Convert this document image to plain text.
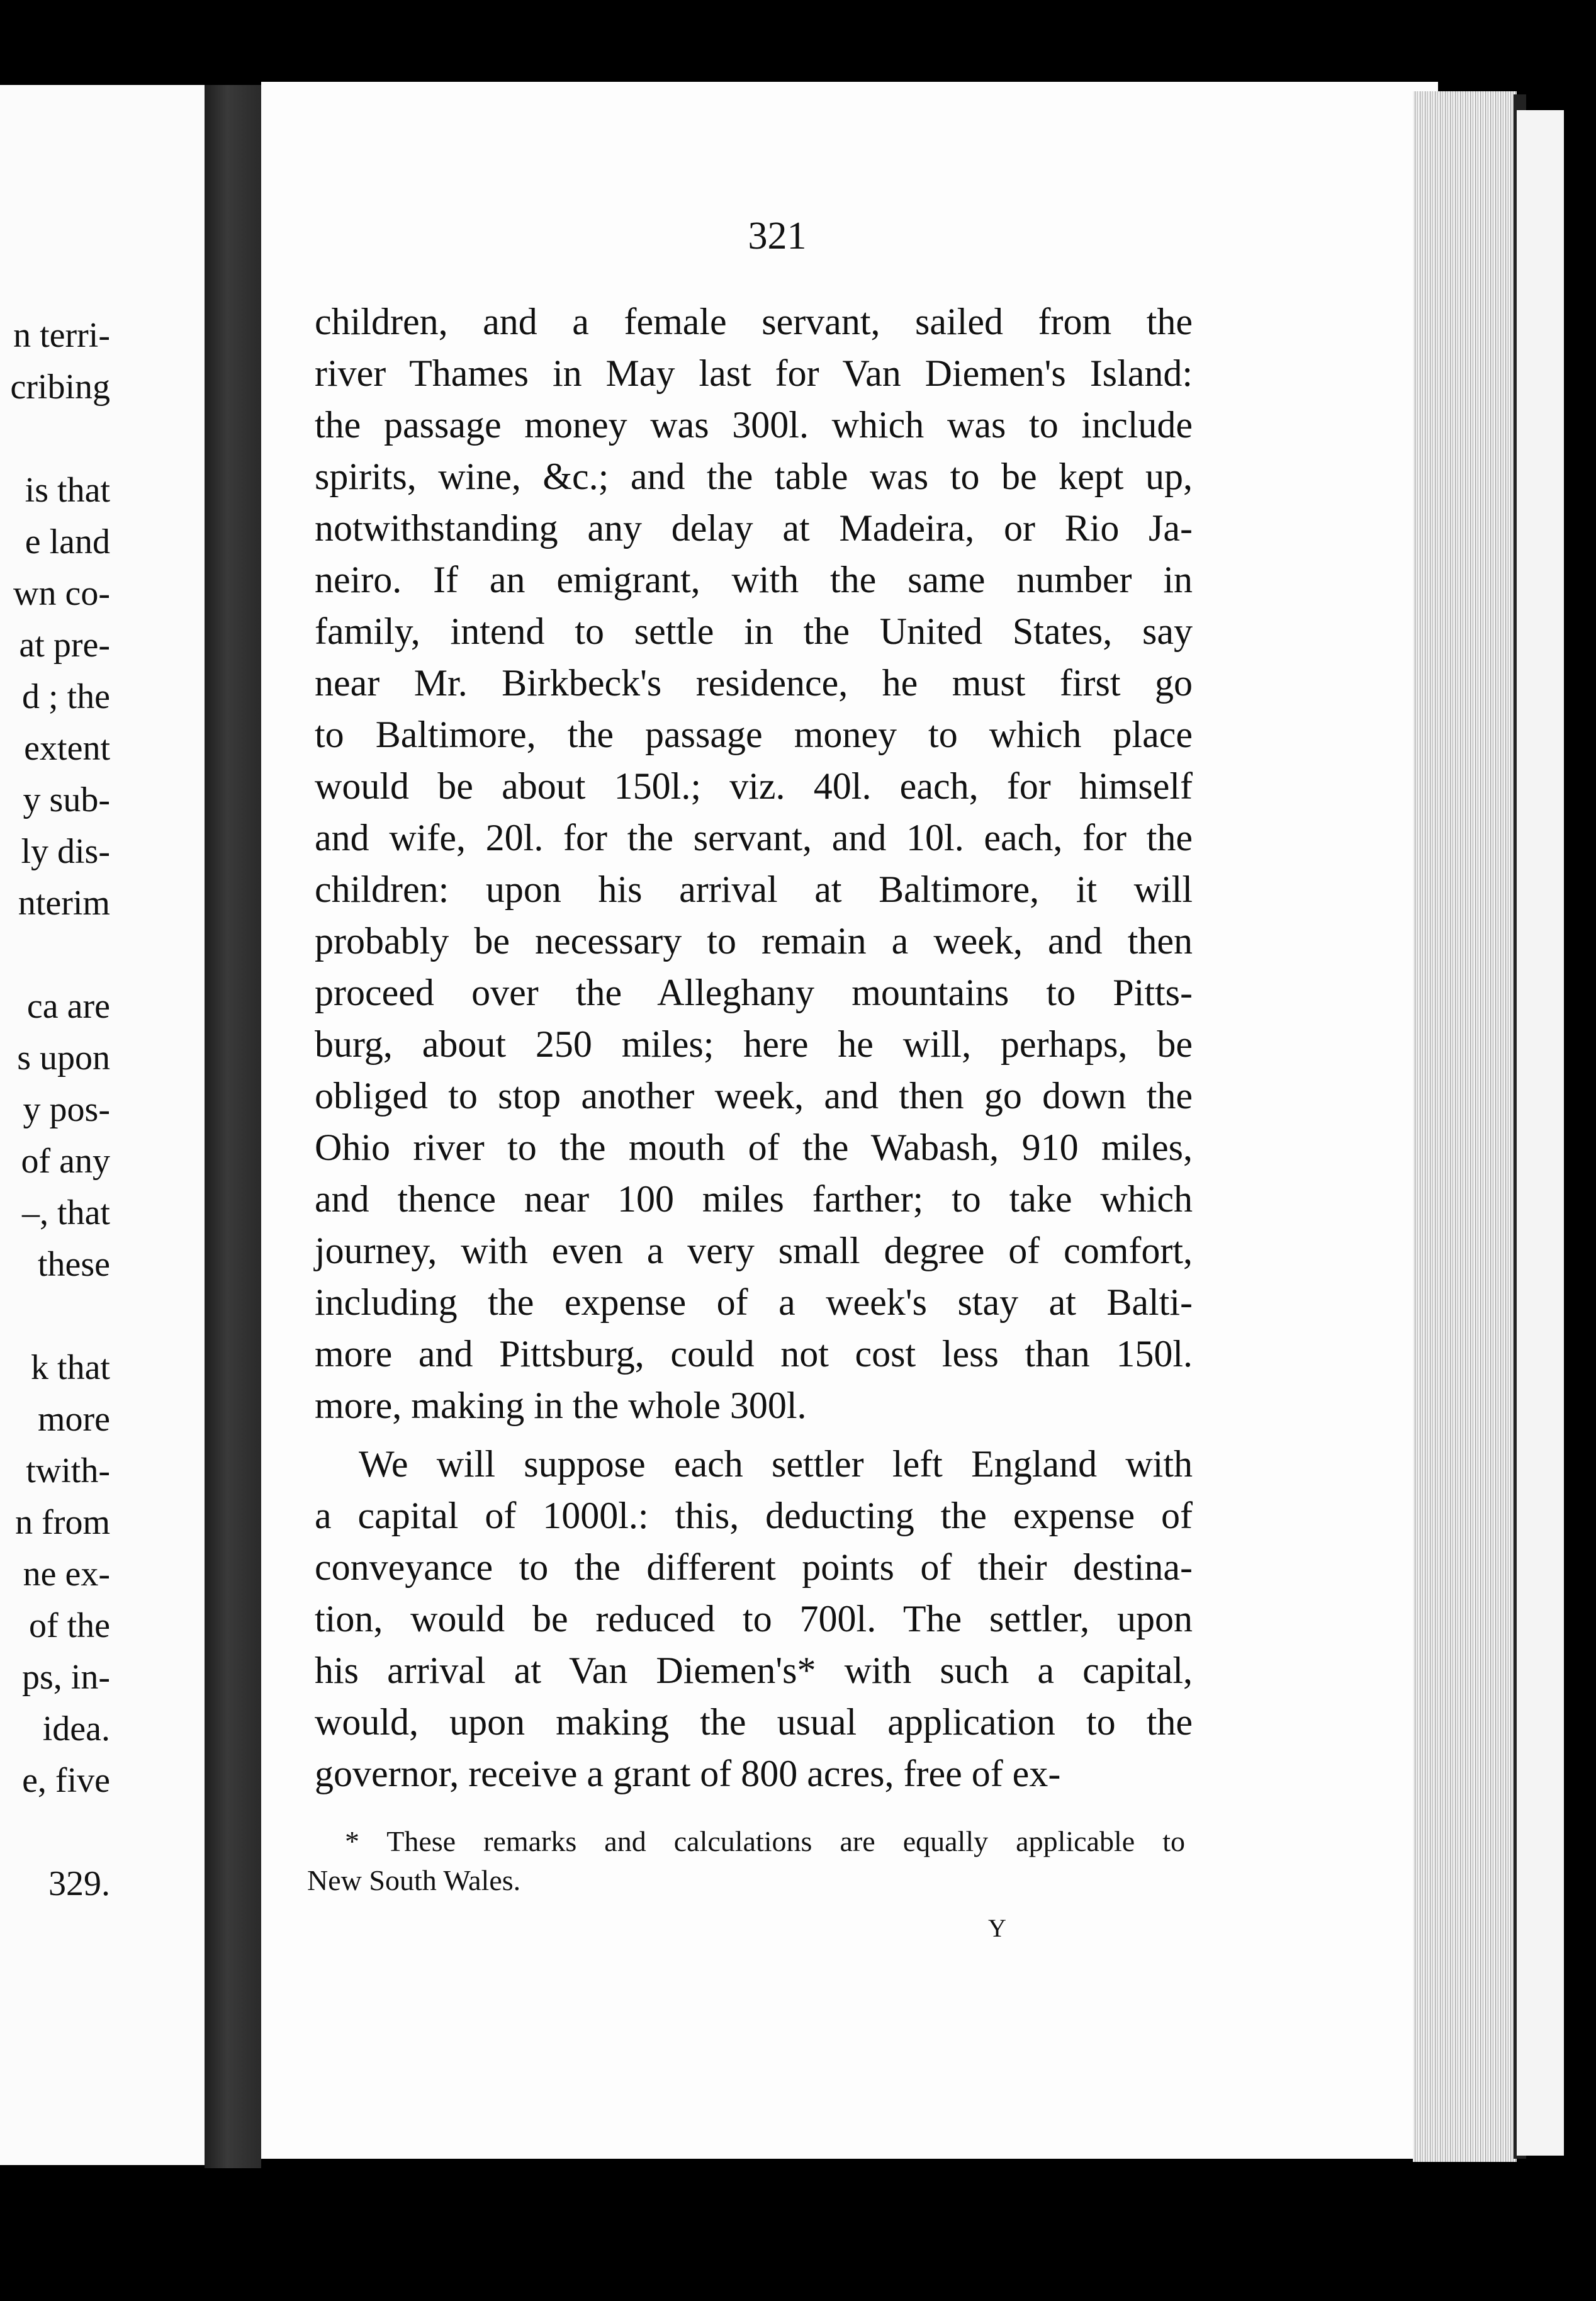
321
children, and a female servant, sailed from the
river Thames in May last for Van Diemen's Island:
the passage money was 300l. which was to include
spirits, wine, &c.; and the table was to be kept up,
notwithstanding any delay at Madeira, or Rio Ja-
neiro. If an emigrant, with the same number in
family, intend to settle in the United States, say
near Mr. Birkbeck's residence, he must first go
to Baltimore, the passage money to which place
would be about 150l.; viz. 40l. each, for himself
and wife, 20l. for the servant, and 10l. each, for the
children: upon his arrival at Baltimore, it will
probably be necessary to remain a week, and then
proceed over the Alleghany mountains to Pitts-
burg, about 250 miles; here he will, perhaps, be
obliged to stop another week, and then go down the
Ohio river to the mouth of the Wabash, 910 miles,
and thence near 100 miles farther; to take which
journey, with even a very small degree of comfort,
including the expense of a week's stay at Balti-
more and Pittsburg, could not cost less than 150l.
more, making in the whole 300l.
We will suppose each settler left England with
a capital of 1000l.: this, deducting the expense of
conveyance to the different points of their destina-
tion, would be reduced to 700l. The settler, upon
his arrival at Van Diemen's* with such a capital,
would, upon making the usual application to the
governor, receive a grant of 800 acres, free of ex-
* These remarks and calculations are equally applicable to
New South Wales.
Y
n terri-
cribing
is that
e land
wn co-
at pre-
d ; the
extent
y sub-
ly dis-
nterim
ca are
s upon
y pos-
of any
–, that
these
k that
more
twith-
n from
ne ex-
of the
ps, in-
idea.
e, five
329.
